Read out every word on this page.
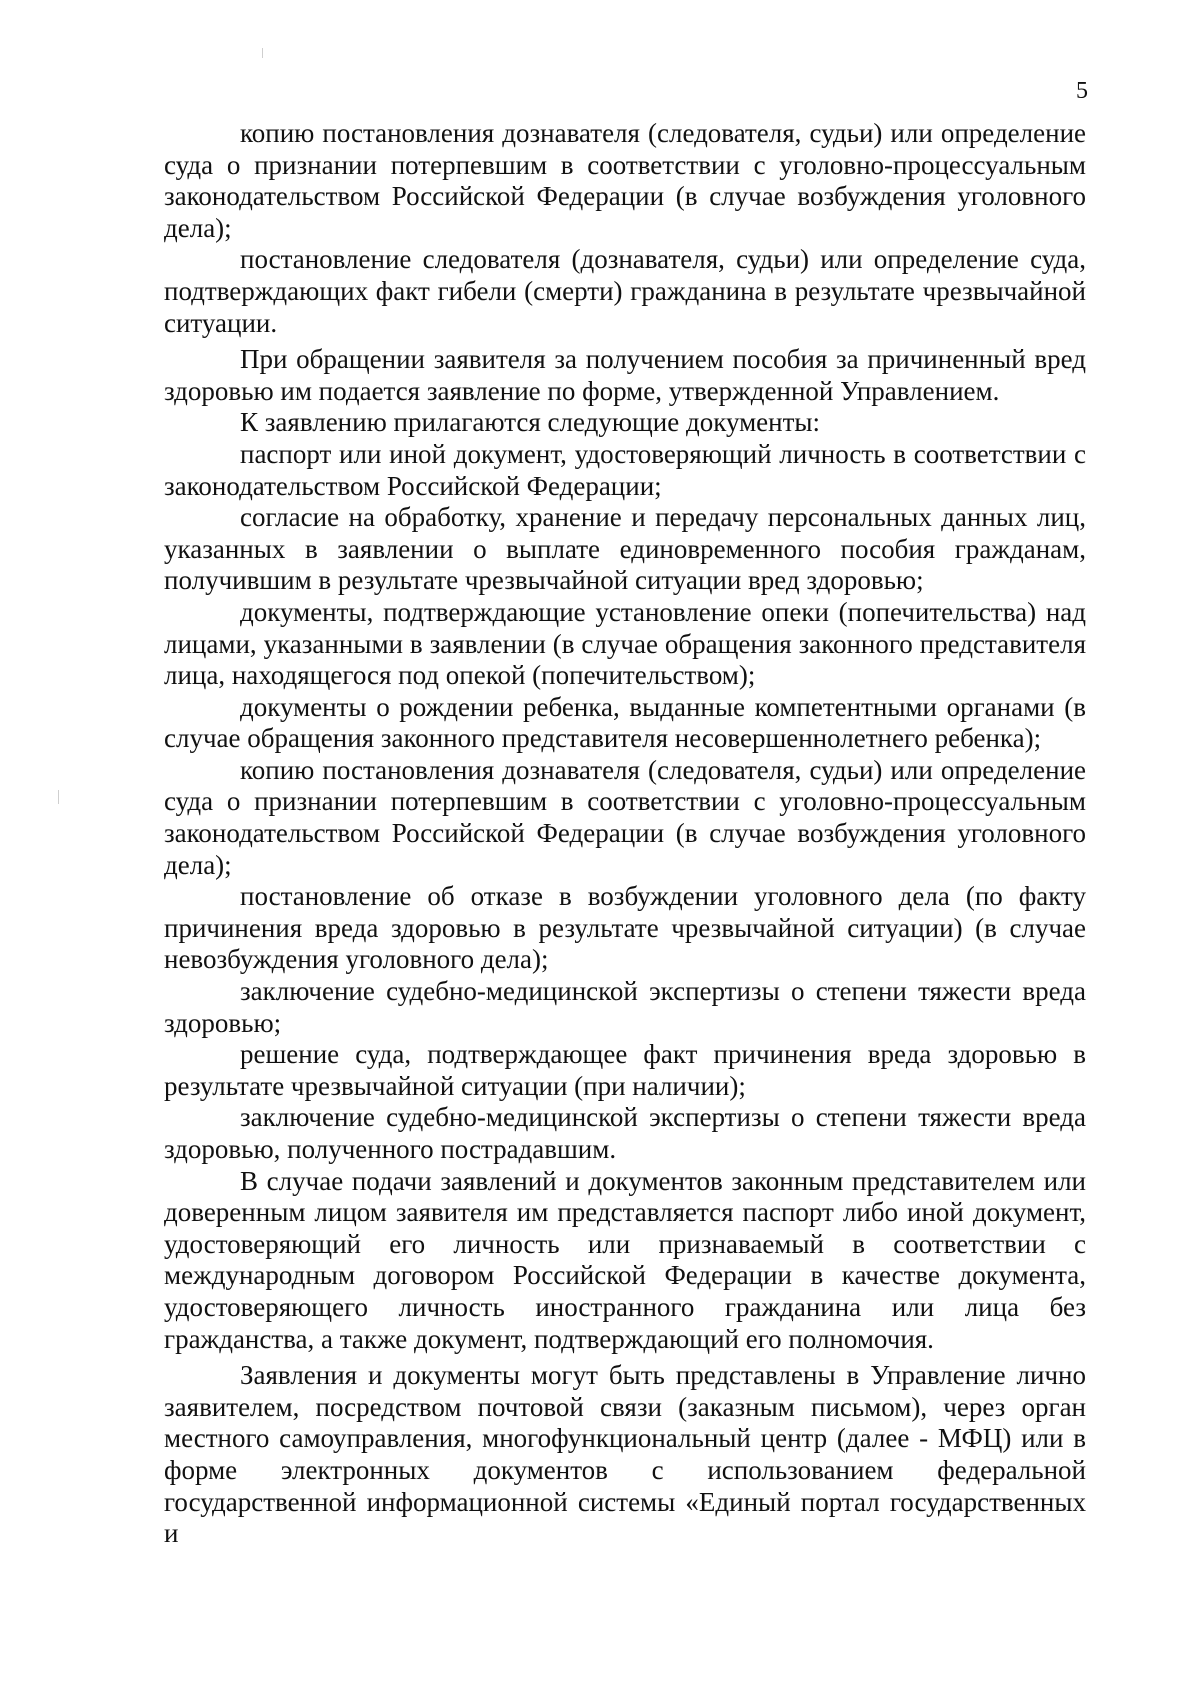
5

копию постановления дознавателя (следователя, судьи) или определение суда о признании потерпевшим в соответствии с уголовно-процессуальным законодательством Российской Федерации (в случае возбуждения уголовного дела);

постановление следователя (дознавателя, судьи) или определение суда, подтверждающих факт гибели (смерти) гражданина в результате чрезвычайной ситуации.

При обращении заявителя за получением пособия за причиненный вред здоровью им подается заявление по форме, утвержденной Управлением.

К заявлению прилагаются следующие документы:

паспорт или иной документ, удостоверяющий личность в соответствии с законодательством Российской Федерации;

согласие на обработку, хранение и передачу персональных данных лиц, указанных в заявлении о выплате единовременного пособия гражданам, получившим в результате чрезвычайной ситуации вред здоровью;

документы, подтверждающие установление опеки (попечительства) над лицами, указанными в заявлении (в случае обращения законного представителя лица, находящегося под опекой (попечительством);

документы о рождении ребенка, выданные компетентными органами (в случае обращения законного представителя несовершеннолетнего ребенка);

копию постановления дознавателя (следователя, судьи) или определение суда о признании потерпевшим в соответствии с уголовно-процессуальным законодательством Российской Федерации (в случае возбуждения уголовного дела);

постановление об отказе в возбуждении уголовного дела (по факту причинения вреда здоровью в результате чрезвычайной ситуации) (в случае невозбуждения уголовного дела);

заключение судебно-медицинской экспертизы о степени тяжести вреда здоровью;

решение суда, подтверждающее факт причинения вреда здоровью в результате чрезвычайной ситуации (при наличии);

заключение судебно-медицинской экспертизы о степени тяжести вреда здоровью, полученного пострадавшим.

В случае подачи заявлений и документов законным представителем или доверенным лицом заявителя им представляется паспорт либо иной документ, удостоверяющий его личность или признаваемый в соответствии с международным договором Российской Федерации в качестве документа, удостоверяющего личность иностранного гражданина или лица без гражданства, а также документ, подтверждающий его полномочия.

Заявления и документы могут быть представлены в Управление лично заявителем, посредством почтовой связи (заказным письмом), через орган местного самоуправления, многофункциональный центр (далее - МФЦ) или в форме электронных документов с использованием федеральной государственной информационной системы «Единый портал государственных и
